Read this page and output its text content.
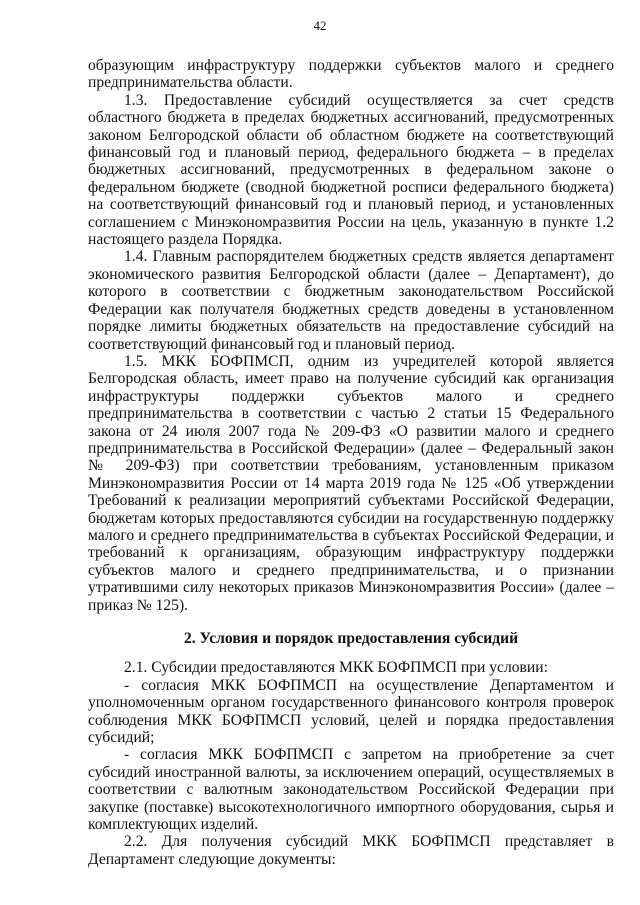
42

образующим инфраструктуру поддержки субъектов малого и среднего предпринимательства области.

1.3. Предоставление субсидий осуществляется за счет средств областного бюджета в пределах бюджетных ассигнований, предусмотренных законом Белгородской области об областном бюджете на соответствующий финансовый год и плановый период, федерального бюджета – в пределах бюджетных ассигнований, предусмотренных в федеральном законе о федеральном бюджете (сводной бюджетной росписи федерального бюджета) на соответствующий финансовый год и плановый период, и установленных соглашением с Минэкономразвития России на цель, указанную в пункте 1.2 настоящего раздела Порядка.

1.4. Главным распорядителем бюджетных средств является департамент экономического развития Белгородской области (далее – Департамент), до которого в соответствии с бюджетным законодательством Российской Федерации как получателя бюджетных средств доведены в установленном порядке лимиты бюджетных обязательств на предоставление субсидий на соответствующий финансовый год и плановый период.

1.5. МКК БОФПМСП, одним из учредителей которой является Белгородская область, имеет право на получение субсидий как организация инфраструктуры поддержки субъектов малого и среднего предпринимательства в соответствии с частью 2 статьи 15 Федерального закона от 24 июля 2007 года № 209-ФЗ «О развитии малого и среднего предпринимательства в Российской Федерации» (далее – Федеральный закон № 209-ФЗ) при соответствии требованиям, установленным приказом Минэкономразвития России от 14 марта 2019 года № 125 «Об утверждении Требований к реализации мероприятий субъектами Российской Федерации, бюджетам которых предоставляются субсидии на государственную поддержку малого и среднего предпринимательства в субъектах Российской Федерации, и требований к организациям, образующим инфраструктуру поддержки субъектов малого и среднего предпринимательства, и о признании утратившими силу некоторых приказов Минэкономразвития России» (далее – приказ № 125).

2. Условия и порядок предоставления субсидий

2.1. Субсидии предоставляются МКК БОФПМСП при условии:

- согласия МКК БОФПМСП на осуществление Департаментом и уполномоченным органом государственного финансового контроля проверок соблюдения МКК БОФПМСП условий, целей и порядка предоставления субсидий;

- согласия МКК БОФПМСП с запретом на приобретение за счет субсидий иностранной валюты, за исключением операций, осуществляемых в соответствии с валютным законодательством Российской Федерации при закупке (поставке) высокотехнологичного импортного оборудования, сырья и комплектующих изделий.

2.2. Для получения субсидий МКК БОФПМСП представляет в Департамент следующие документы:
